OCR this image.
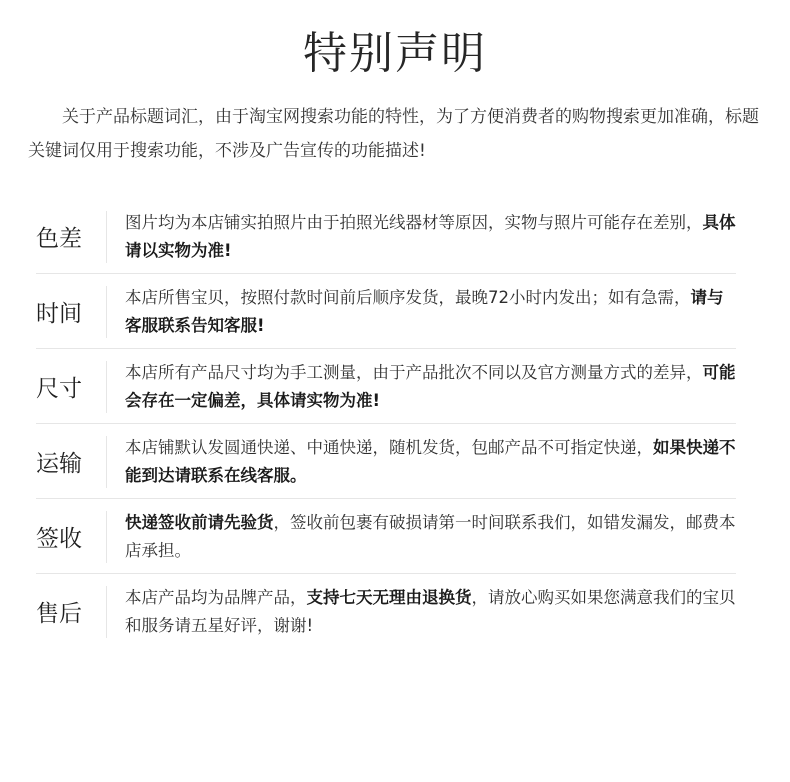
特别声明
关于产品标题词汇，由于淘宝网搜索功能的特性，为了方便消费者的购物搜索更加准确，标题关键词仅用于搜索功能，不涉及广告宣传的功能描述!
色差
图片均为本店铺实拍照片由于拍照光线器材等原因，实物与照片可能存在差别，具体请以实物为准!
时间
本店所售宝贝，按照付款时间前后顺序发货，最晚72小时内发出；如有急需，请与客服联系告知客服!
尺寸
本店所有产品尺寸均为手工测量，由于产品批次不同以及官方测量方式的差异，可能会存在一定偏差，具体请实物为准!
运输
本店铺默认发圆通快递、中通快递，随机发货，包邮产品不可指定快递，如果快递不能到达请联系在线客服。
签收
快递签收前请先验货，签收前包裹有破损请第一时间联系我们，如错发漏发，邮费本店承担。
售后
本店产品均为品牌产品，支持七天无理由退换货，请放心购买如果您满意我们的宝贝和服务请五星好评，谢谢!
